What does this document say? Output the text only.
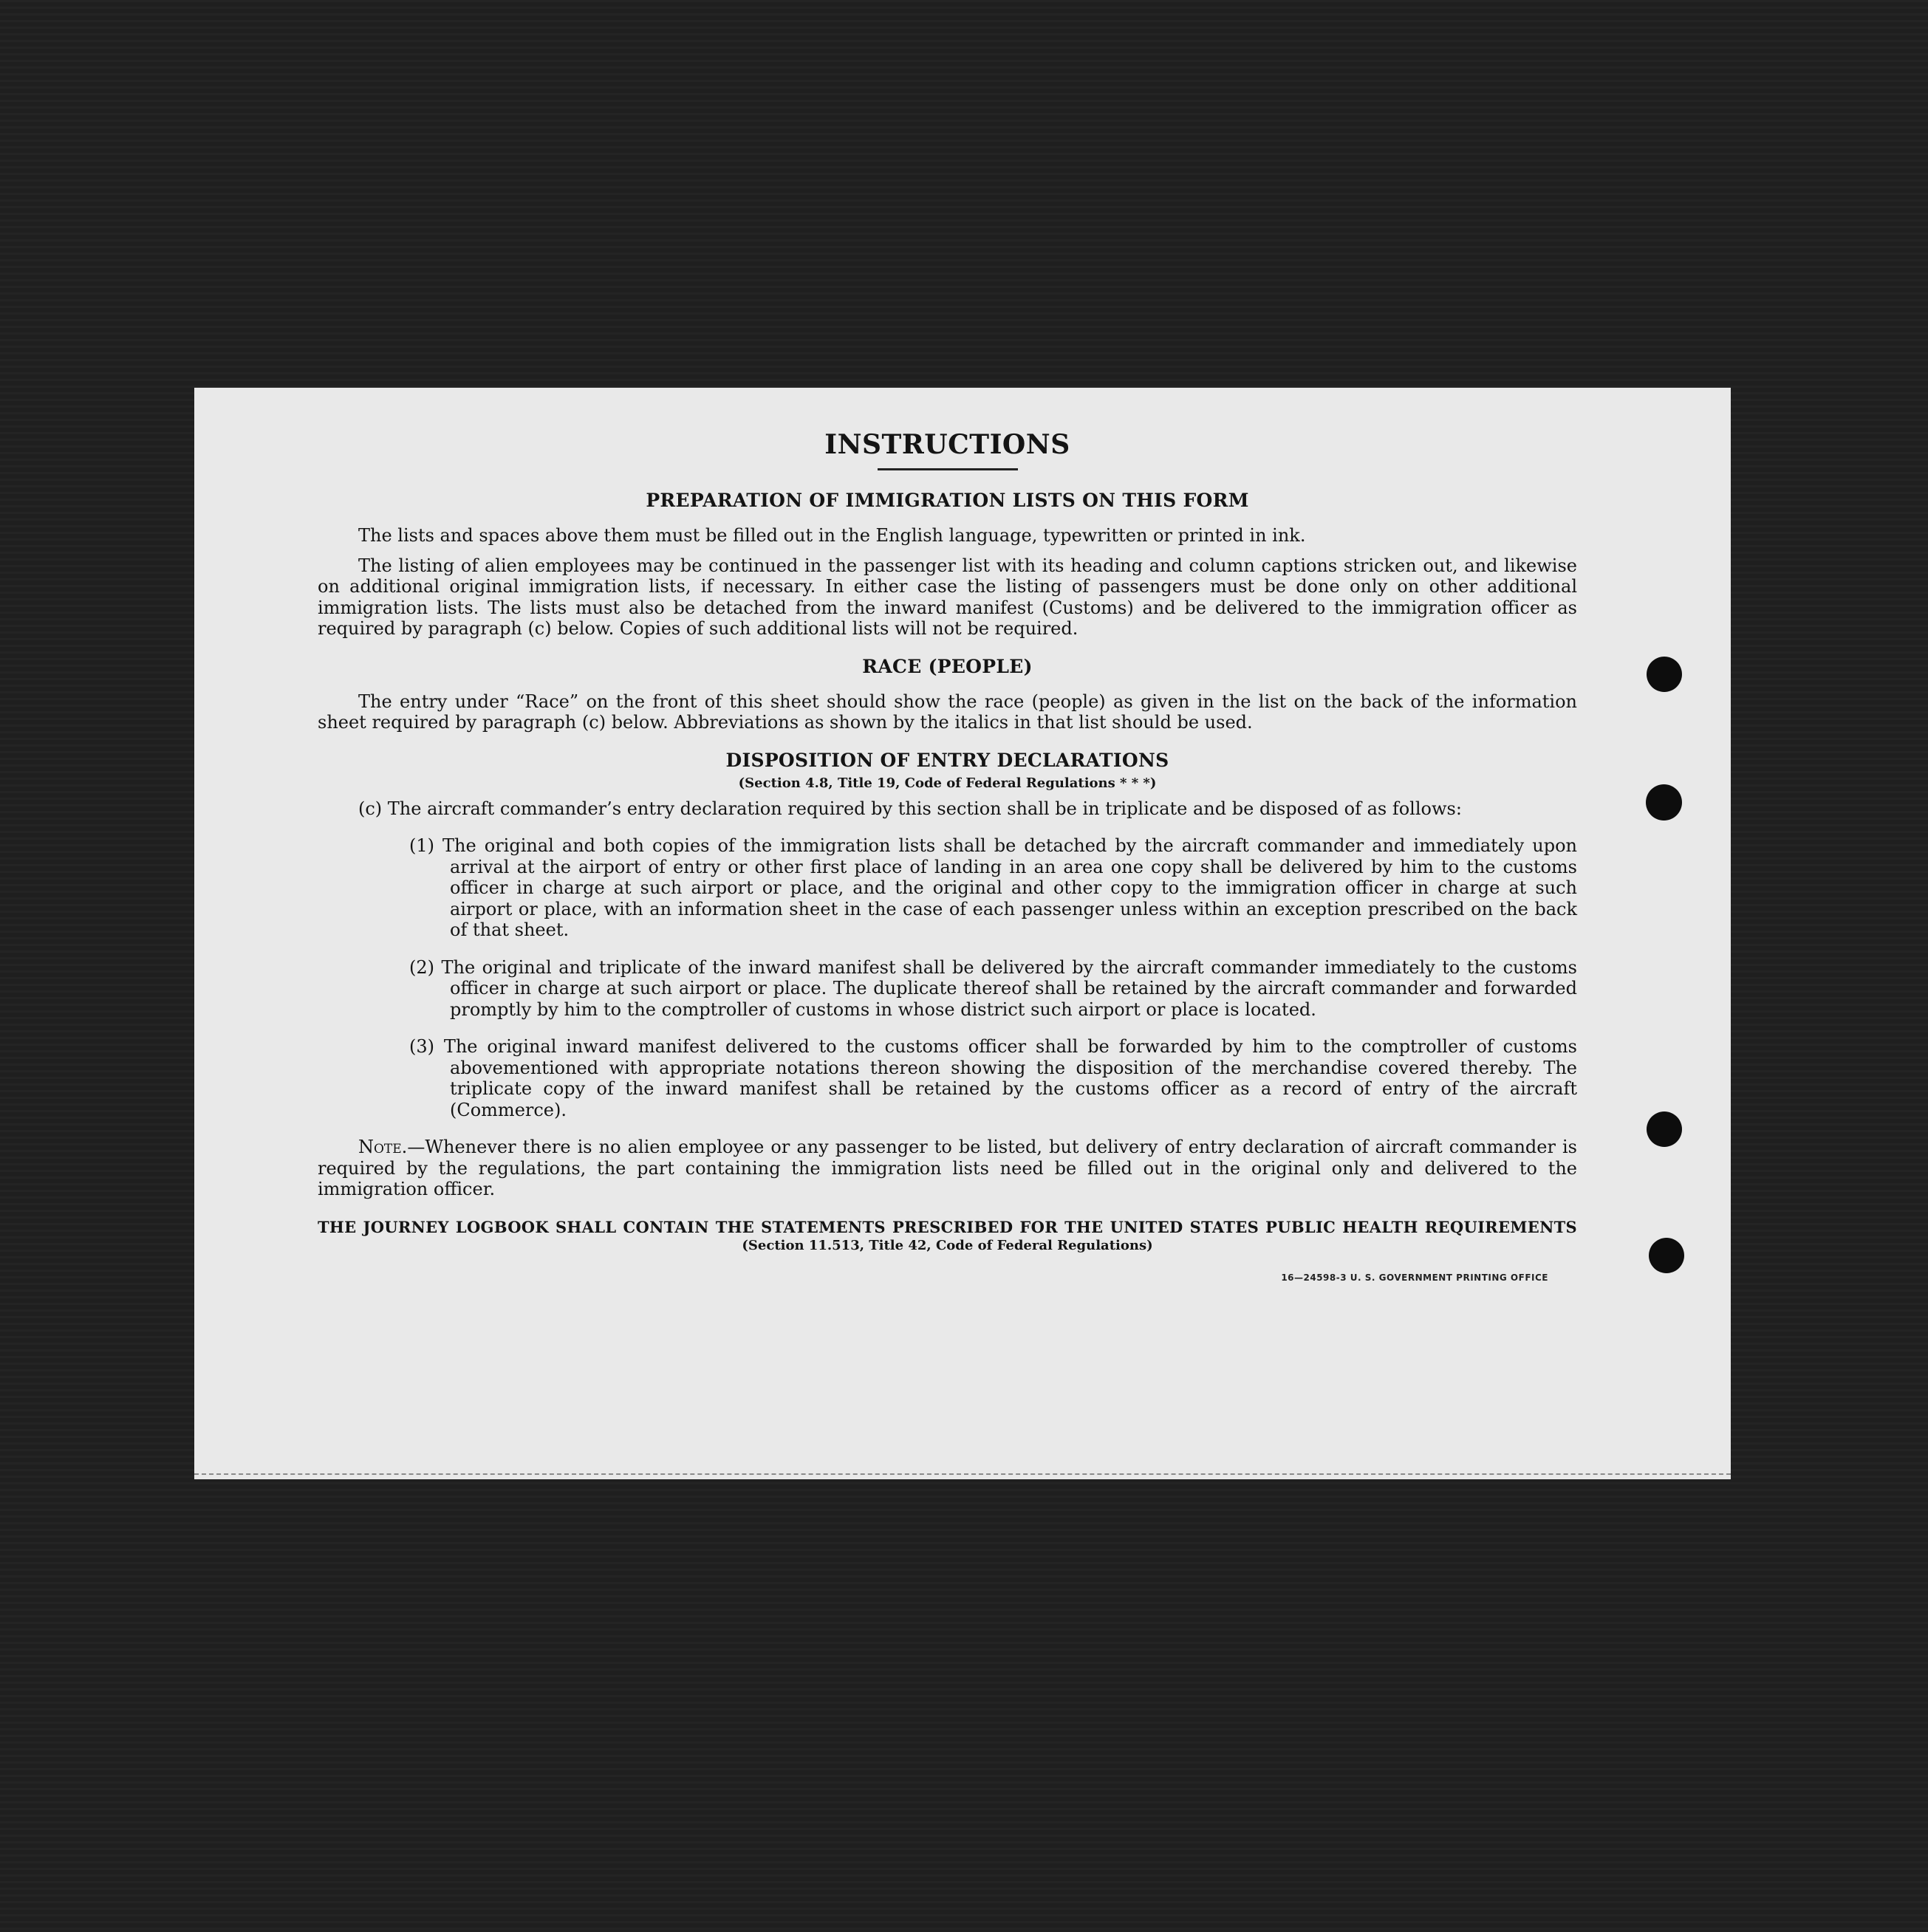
INSTRUCTIONS
PREPARATION OF IMMIGRATION LISTS ON THIS FORM

The lists and spaces above them must be filled out in the English language, typewritten or printed in ink.

The listing of alien employees may be continued in the passenger list with its heading and column captions stricken out, and likewise on additional original immigration lists, if necessary. In either case the listing of passengers must be done only on other additional immigration lists. The lists must also be detached from the inward manifest (Customs) and be delivered to the immigration officer as required by paragraph (c) below. Copies of such additional lists will not be required.

RACE (PEOPLE)

The entry under “Race” on the front of this sheet should show the race (people) as given in the list on the back of the information sheet required by paragraph (c) below. Abbreviations as shown by the italics in that list should be used.

DISPOSITION OF ENTRY DECLARATIONS
(Section 4.8, Title 19, Code of Federal Regulations * * *)

(c) The aircraft commander’s entry declaration required by this section shall be in triplicate and be disposed of as follows:

(1) The original and both copies of the immigration lists shall be detached by the aircraft commander and immediately upon arrival at the airport of entry or other first place of landing in an area one copy shall be delivered by him to the customs officer in charge at such airport or place, and the original and other copy to the immigration officer in charge at such airport or place, with an information sheet in the case of each passenger unless within an exception prescribed on the back of that sheet.

(2) The original and triplicate of the inward manifest shall be delivered by the aircraft commander immediately to the customs officer in charge at such airport or place. The duplicate thereof shall be retained by the aircraft commander and forwarded promptly by him to the comptroller of customs in whose district such airport or place is located.

(3) The original inward manifest delivered to the customs officer shall be forwarded by him to the comptroller of customs abovementioned with appropriate notations thereon showing the disposition of the merchandise covered thereby. The triplicate copy of the inward manifest shall be retained by the customs officer as a record of entry of the aircraft (Commerce).

Note.—Whenever there is no alien employee or any passenger to be listed, but delivery of entry declaration of aircraft commander is required by the regulations, the part containing the immigration lists need be filled out in the original only and delivered to the immigration officer.

THE JOURNEY LOGBOOK SHALL CONTAIN THE STATEMENTS PRESCRIBED FOR THE UNITED STATES PUBLIC HEALTH REQUIREMENTS
(Section 11.513, Title 42, Code of Federal Regulations)
16—24598-3 U. S. GOVERNMENT PRINTING OFFICE
